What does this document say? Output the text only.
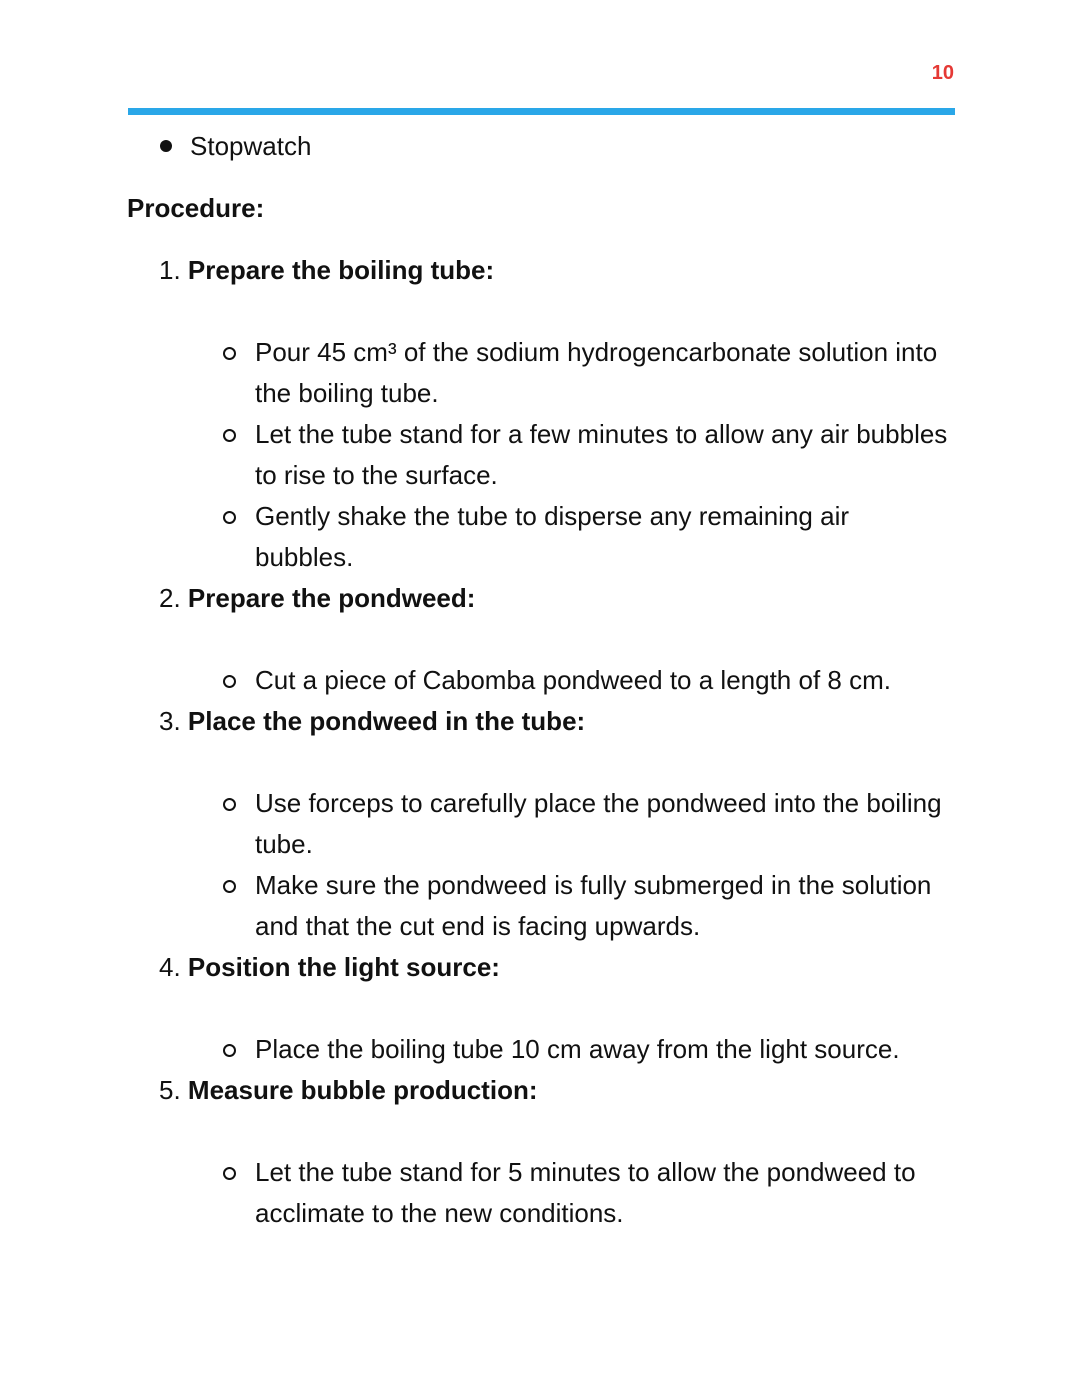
10
Stopwatch
Procedure:
1. Prepare the boiling tube:
Pour 45 cm³ of the sodium hydrogencarbonate solution into the boiling tube.
Let the tube stand for a few minutes to allow any air bubbles to rise to the surface.
Gently shake the tube to disperse any remaining air bubbles.
2. Prepare the pondweed:
Cut a piece of Cabomba pondweed to a length of 8 cm.
3. Place the pondweed in the tube:
Use forceps to carefully place the pondweed into the boiling tube.
Make sure the pondweed is fully submerged in the solution and that the cut end is facing upwards.
4. Position the light source:
Place the boiling tube 10 cm away from the light source.
5. Measure bubble production:
Let the tube stand for 5 minutes to allow the pondweed to acclimate to the new conditions.
